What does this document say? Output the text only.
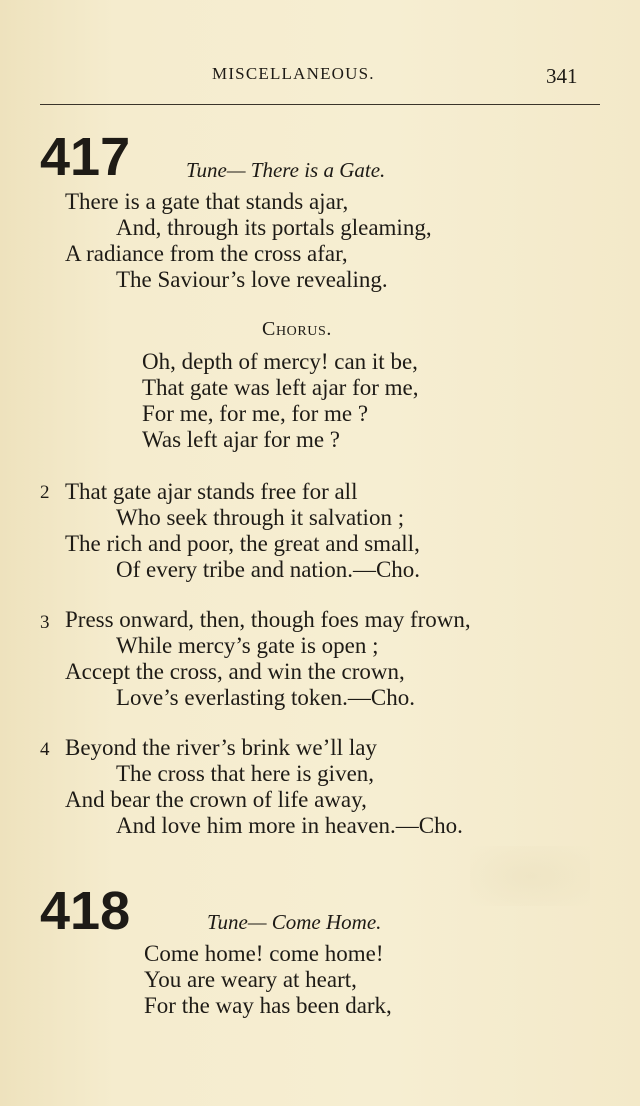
MISCELLANEOUS.	341
417	Tune— There is a Gate.
There is a gate that stands ajar,
And, through its portals gleaming,
A radiance from the cross afar,
The Saviour’s love revealing.
Chorus.
Oh, depth of mercy! can it be,
That gate was left ajar for me,
For me, for me, for me ?
Was left ajar for me ?
2 That gate ajar stands free for all
Who seek through it salvation ;
The rich and poor, the great and small,
Of every tribe and nation.—Cho.
3 Press onward, then, though foes may frown,
While mercy’s gate is open ;
Accept the cross, and win the crown,
Love’s everlasting token.—Cho.
4 Beyond the river’s brink we’ll lay
The cross that here is given,
And bear the crown of life away,
And love him more in heaven.—Cho.
418	Tune— Come Home.
Come home! come home!
You are weary at heart,
For the way has been dark,
